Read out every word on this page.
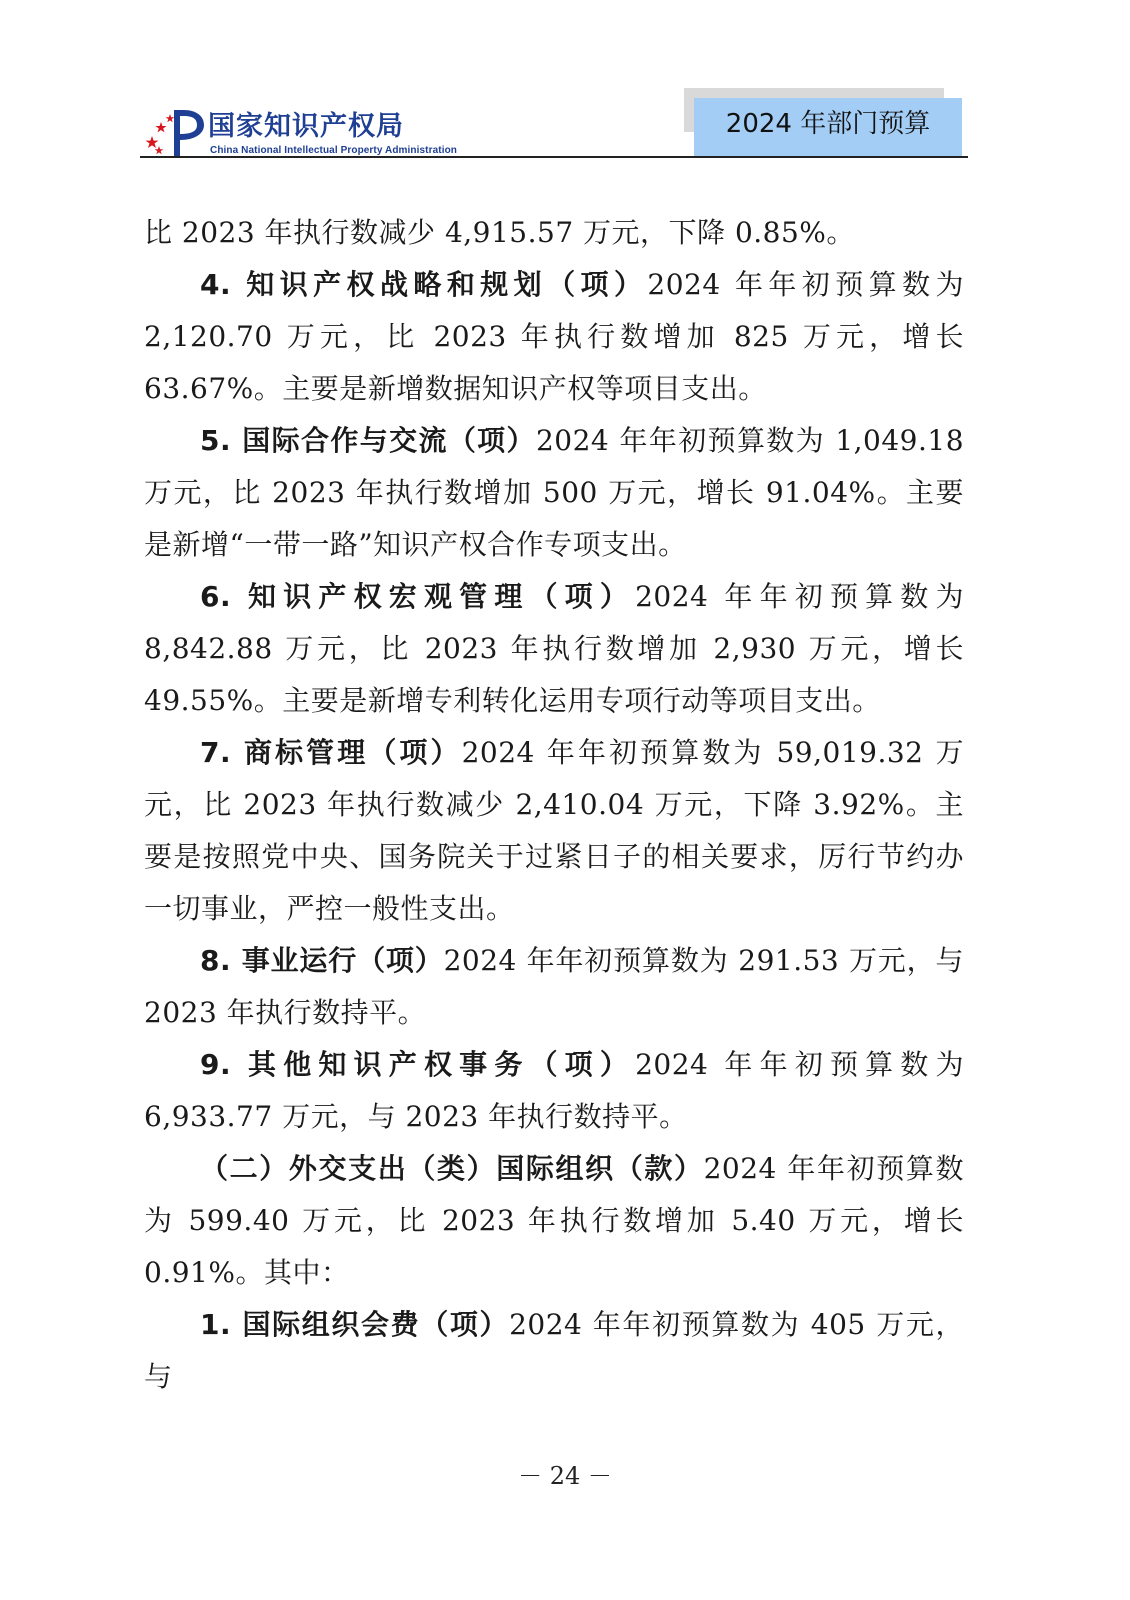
国家知识产权局
China National Intellectual Property Administration
2024 年部门预算

比 2023 年执行数减少 4,915.57 万元，下降 0.85%。

4. 知识产权战略和规划（项）2024 年年初预算数为 2,120.70 万元，比 2023 年执行数增加 825 万元，增长 63.67%。主要是新增数据知识产权等项目支出。

5. 国际合作与交流（项）2024 年年初预算数为 1,049.18 万元，比 2023 年执行数增加 500 万元，增长 91.04%。主要是新增“一带一路”知识产权合作专项支出。

6. 知识产权宏观管理（项）2024 年年初预算数为 8,842.88 万元，比 2023 年执行数增加 2,930 万元，增长 49.55%。主要是新增专利转化运用专项行动等项目支出。

7. 商标管理（项）2024 年年初预算数为 59,019.32 万元，比 2023 年执行数减少 2,410.04 万元，下降 3.92%。主要是按照党中央、国务院关于过紧日子的相关要求，厉行节约办一切事业，严控一般性支出。

8. 事业运行（项）2024 年年初预算数为 291.53 万元，与 2023 年执行数持平。

9. 其他知识产权事务（项）2024 年年初预算数为 6,933.77 万元，与 2023 年执行数持平。

（二）外交支出（类）国际组织（款）2024 年年初预算数为 599.40 万元，比 2023 年执行数增加 5.40 万元，增长 0.91%。其中：

1. 国际组织会费（项）2024 年年初预算数为 405 万元，与

－ 24 －
